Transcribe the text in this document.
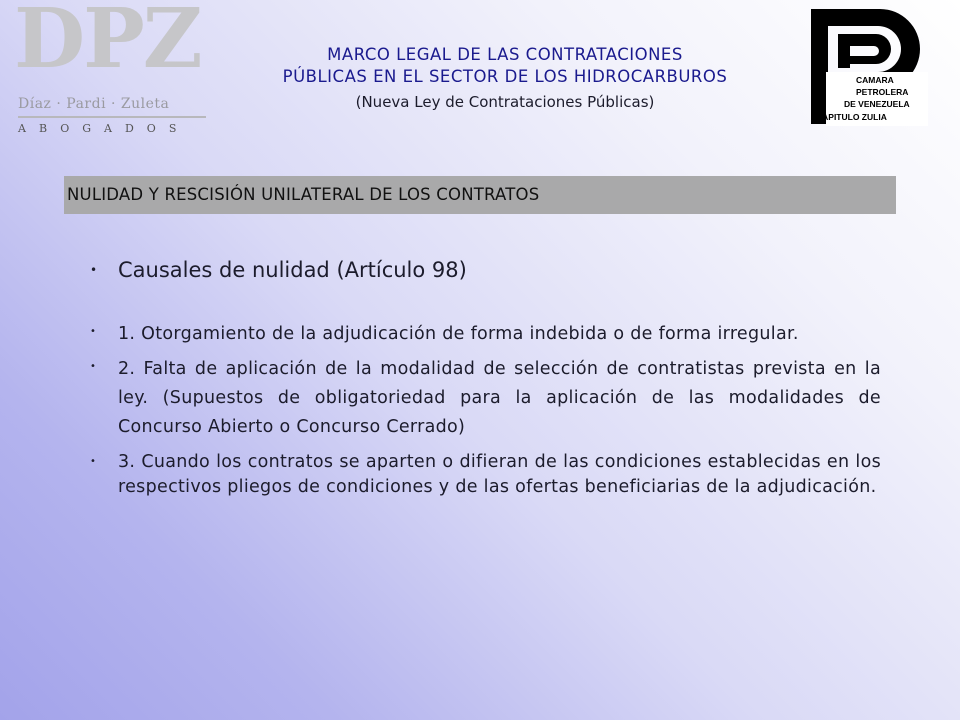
DPZ
Díaz · Pardi · Zuleta
ABOGADOS
MARCO LEGAL DE LAS CONTRATACIONES
PÚBLICAS EN EL SECTOR DE LOS HIDROCARBUROS
(Nueva Ley de Contrataciones Públicas)
CAMARA
PETROLERA
DE VENEZUELA
CAPITULO ZULIA
NULIDAD Y RESCISIÓN UNILATERAL DE LOS CONTRATOS
• Causales de nulidad (Artículo 98)
• 1. Otorgamiento de la adjudicación de forma indebida o de forma irregular.
• 2. Falta de aplicación de la modalidad de selección de contratistas prevista en la ley. (Supuestos de obligatoriedad para la aplicación de las modalidades de Concurso Abierto o Concurso Cerrado)
• 3. Cuando los contratos se aparten o difieran de las condiciones establecidas en los respectivos pliegos de condiciones y de las ofertas beneficiarias de la adjudicación.
